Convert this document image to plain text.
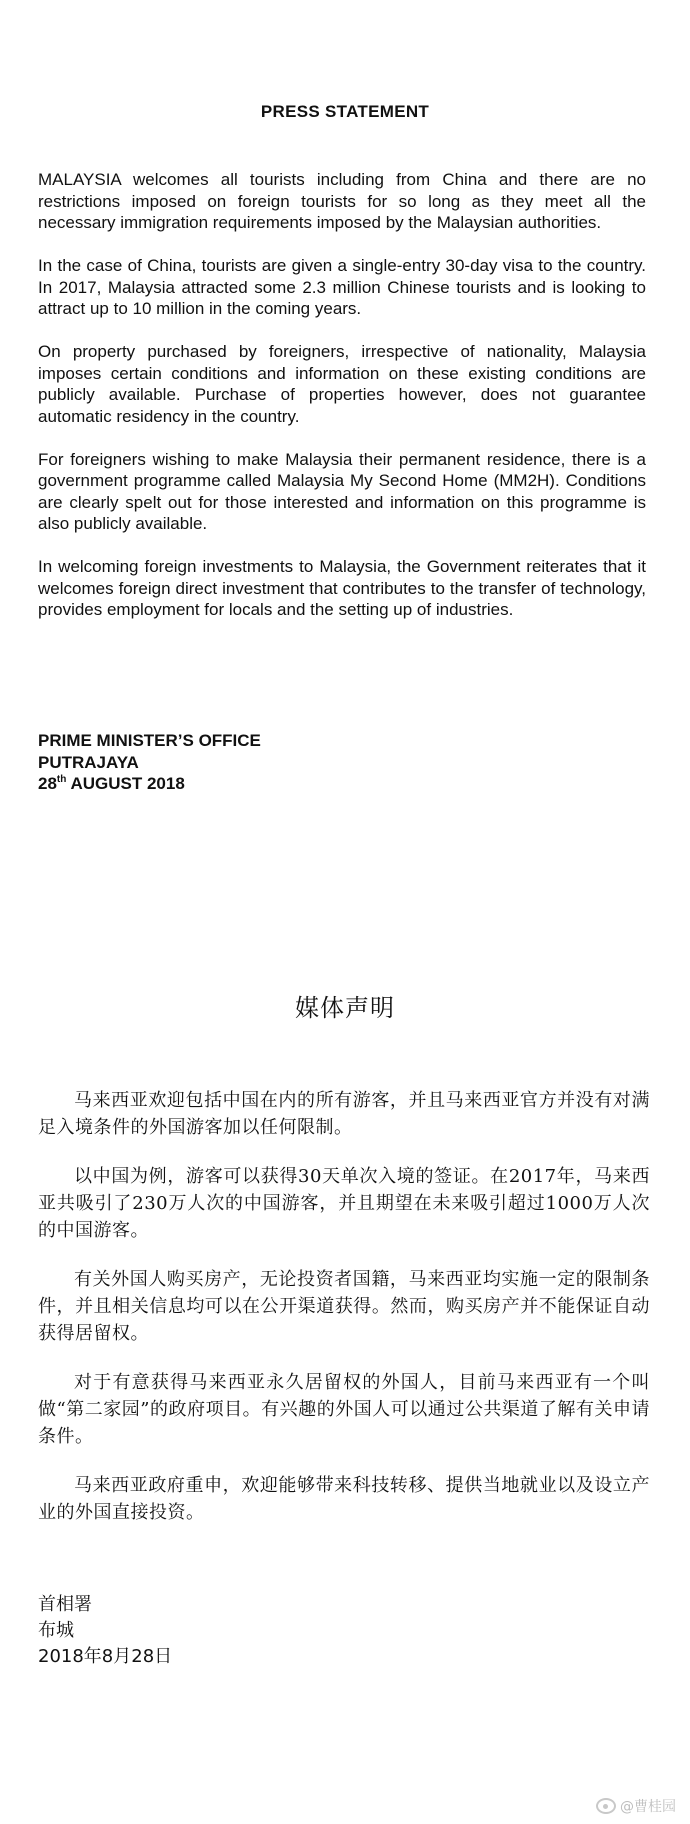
PRESS STATEMENT

MALAYSIA welcomes all tourists including from China and there are no restrictions imposed on foreign tourists for so long as they meet all the necessary immigration requirements imposed by the Malaysian authorities.

In the case of China, tourists are given a single-entry 30-day visa to the country. In 2017, Malaysia attracted some 2.3 million Chinese tourists and is looking to attract up to 10 million in the coming years.

On property purchased by foreigners, irrespective of nationality, Malaysia imposes certain conditions and information on these existing conditions are publicly available. Purchase of properties however, does not guarantee automatic residency in the country.

For foreigners wishing to make Malaysia their permanent residence, there is a government programme called Malaysia My Second Home (MM2H). Conditions are clearly spelt out for those interested and information on this programme is also publicly available.

In welcoming foreign investments to Malaysia, the Government reiterates that it welcomes foreign direct investment that contributes to the transfer of technology, provides employment for locals and the setting up of industries.

PRIME MINISTER’S OFFICE
PUTRAJAYA
28th AUGUST 2018
媒体声明

马来西亚欢迎包括中国在内的所有游客，并且马来西亚官方并没有对满足入境条件的外国游客加以任何限制。

以中国为例，游客可以获得30天单次入境的签证。在2017年，马来西亚共吸引了230万人次的中国游客，并且期望在未来吸引超过1000万人次的中国游客。

有关外国人购买房产，无论投资者国籍，马来西亚均实施一定的限制条件，并且相关信息均可以在公开渠道获得。然而，购买房产并不能保证自动获得居留权。

对于有意获得马来西亚永久居留权的外国人，目前马来西亚有一个叫做“第二家园”的政府项目。有兴趣的外国人可以通过公共渠道了解有关申请条件。

马来西亚政府重申，欢迎能够带来科技转移、提供当地就业以及设立产业的外国直接投资。

首相署
布城
2018年8月28日
@曹桂园
